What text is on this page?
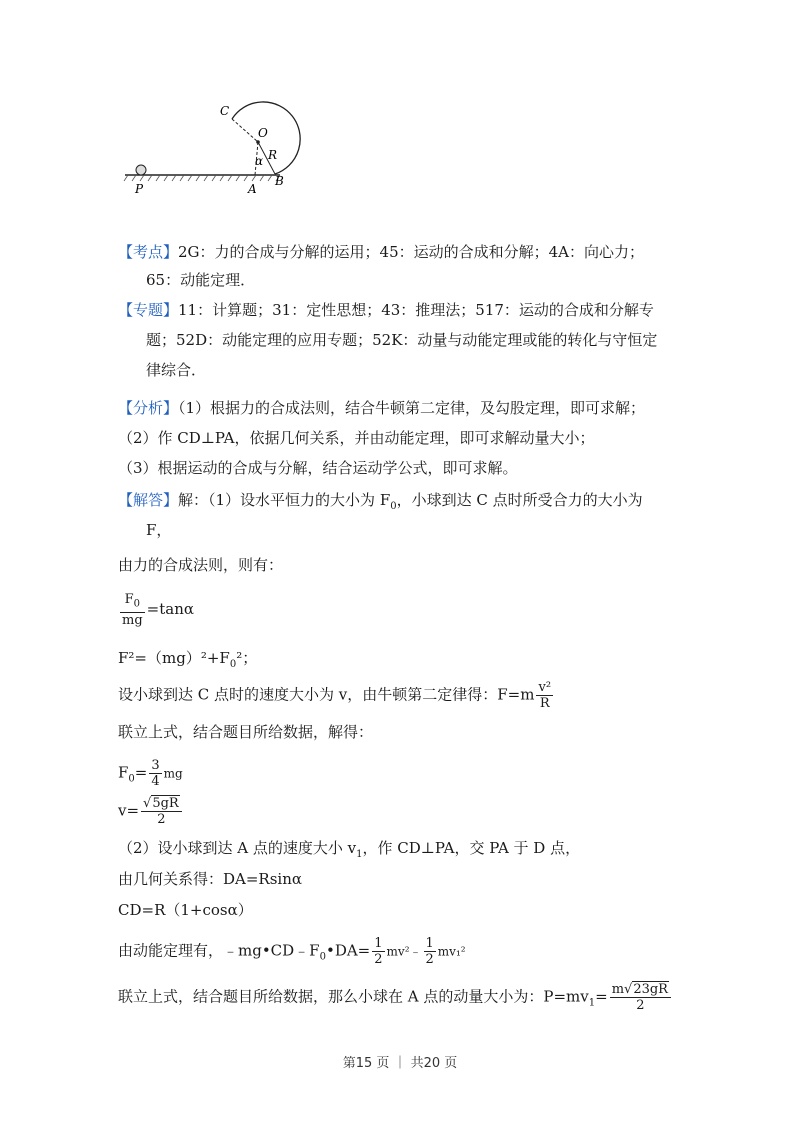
C
O
R
α
P	A
B
【考点】2G：力的合成与分解的运用；45：运动的合成和分解；4A：向心力；
65：动能定理．
【专题】11：计算题；31：定性思想；43：推理法；517：运动的合成和分解专
题；52D：动能定理的应用专题；52K：动量与动能定理或能的转化与守恒定
律综合．
【分析】（1）根据力的合成法则，结合牛顿第二定律，及勾股定理，即可求解；
（2）作 CD⊥PA，依据几何关系，并由动能定理，即可求解动量大小；
（3）根据运动的合成与分解，结合运动学公式，即可求解。
【解答】解：（1）设水平恒力的大小为 $F_0$，小球到达 C 点时所受合力的大小为
F，
由力的合成法则，则有：
$\frac{F_0}{mg} =\tan\alpha$
$F^2=(mg)^2+F_0^2$；
设小球到达 C 点时的速度大小为 v，由牛顿第二定律得：$F=m \frac{\text{v²}}{R}$
联立上式，结合题目所给数据，解得：
$F_0= \frac{3}{4}$ mg
$v= \frac{√5gR}{2}$
（2）设小球到达 A 点的速度大小 $v_1$，作 CD⊥PA，交 PA 于 D 点，
由几何关系得：DA=Rsinα
CD=R（1+cosα）
由动能定理有，$﹣mg•CD﹣F_0•DA= \frac{1}{2}$ mv²﹣ $\frac{1}{2} mv_1^2$
联立上式，结合题目所给数据，那么小球在 A 点的动量大小为：$P=mv_1= \frac{m√23gR}{2}$
第15 页 ｜ 共20 页
